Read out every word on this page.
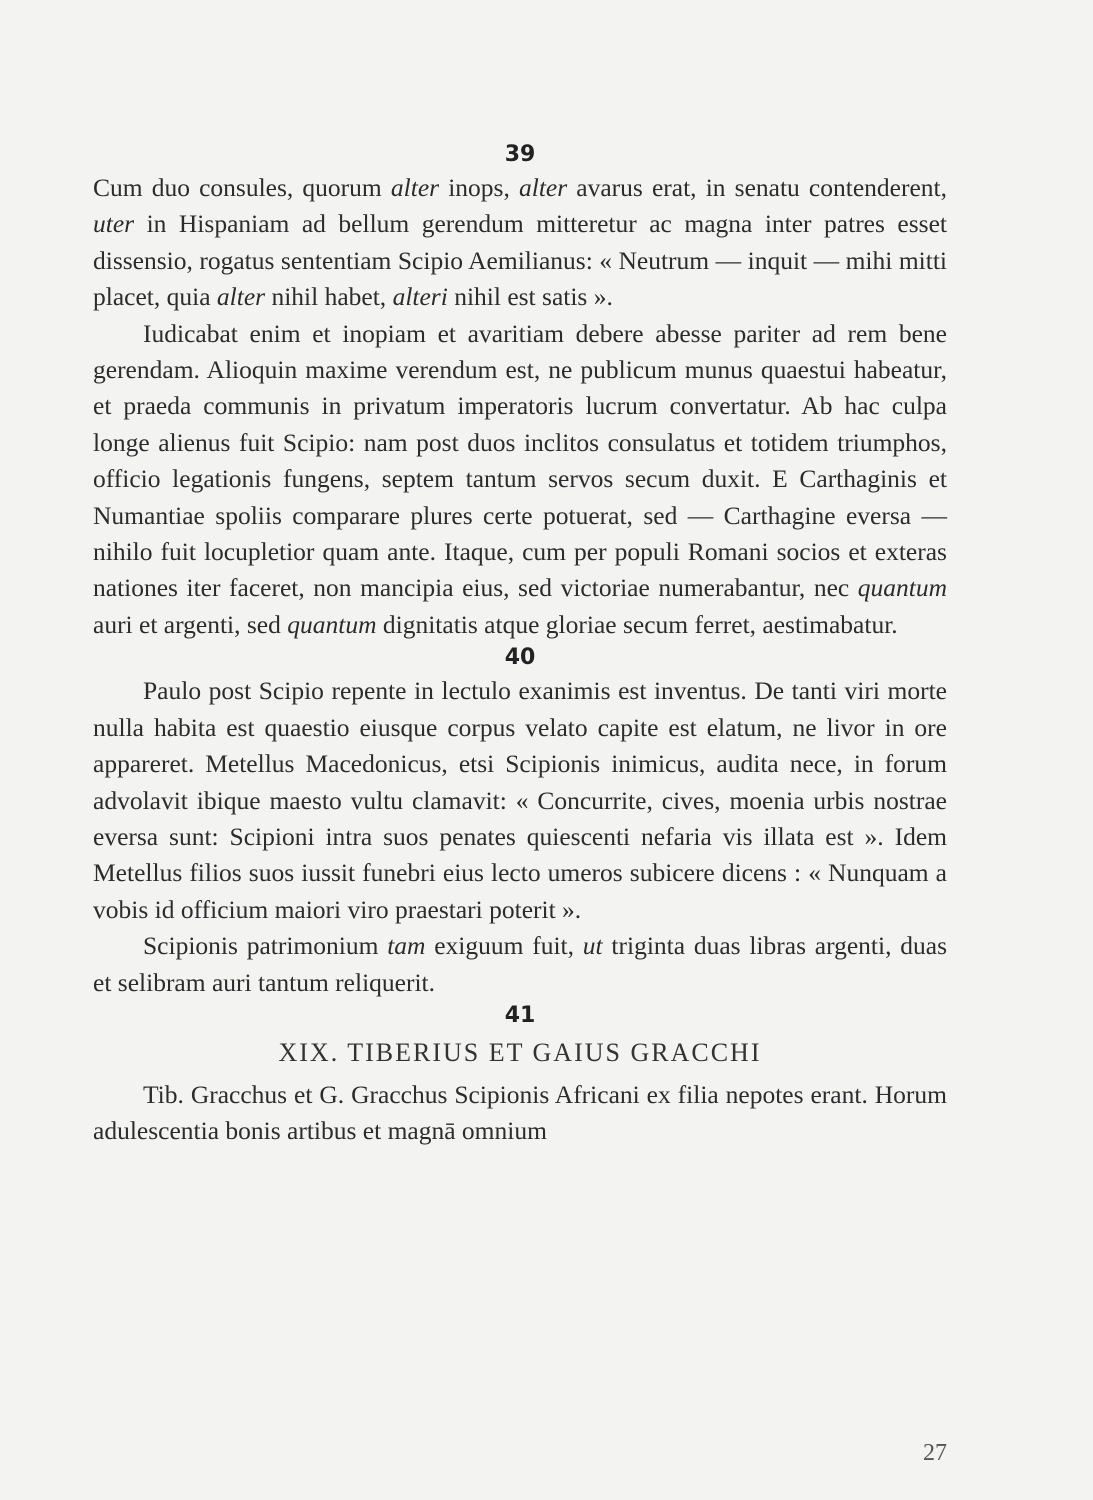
39

Cum duo consules, quorum alter inops, alter avarus erat, in senatu contenderent, uter in Hispaniam ad bellum gerendum mitteretur ac magna inter patres esset dissensio, rogatus sententiam Scipio Aemilianus: « Neutrum — inquit — mihi mitti placet, quia alter nihil habet, alteri nihil est satis ».

Iudicabat enim et inopiam et avaritiam debere abesse pariter ad rem bene gerendam. Alioquin maxime verendum est, ne publicum munus quaestui habeatur, et praeda communis in privatum imperatoris lucrum convertatur. Ab hac culpa longe alienus fuit Scipio: nam post duos inclitos consulatus et totidem triumphos, officio legationis fungens, septem tantum servos secum duxit. E Carthaginis et Numantiae spoliis comparare plures certe potuerat, sed — Carthagine eversa — nihilo fuit locupletior quam ante. Itaque, cum per populi Romani socios et exteras nationes iter faceret, non mancipia eius, sed victoriae numerabantur, nec quantum auri et argenti, sed quantum dignitatis atque gloriae secum ferret, aestimabatur.

40

Paulo post Scipio repente in lectulo exanimis est inventus. De tanti viri morte nulla habita est quaestio eiusque corpus velato capite est elatum, ne livor in ore appareret. Metellus Macedonicus, etsi Scipionis inimicus, audita nece, in forum advolavit ibique maesto vultu clamavit: « Concurrite, cives, moenia urbis nostrae eversa sunt: Scipioni intra suos penates quiescenti nefaria vis illata est ». Idem Metellus filios suos iussit funebri eius lecto umeros subicere dicens : « Nunquam a vobis id officium maiori viro praestari poterit ».

Scipionis patrimonium tam exiguum fuit, ut triginta duas libras argenti, duas et selibram auri tantum reliquerit.

41
XIX. TIBERIUS ET GAIUS GRACCHI

Tib. Gracchus et G. Gracchus Scipionis Africani ex filia nepotes erant. Horum adulescentia bonis artibus et magnā omnium

27
